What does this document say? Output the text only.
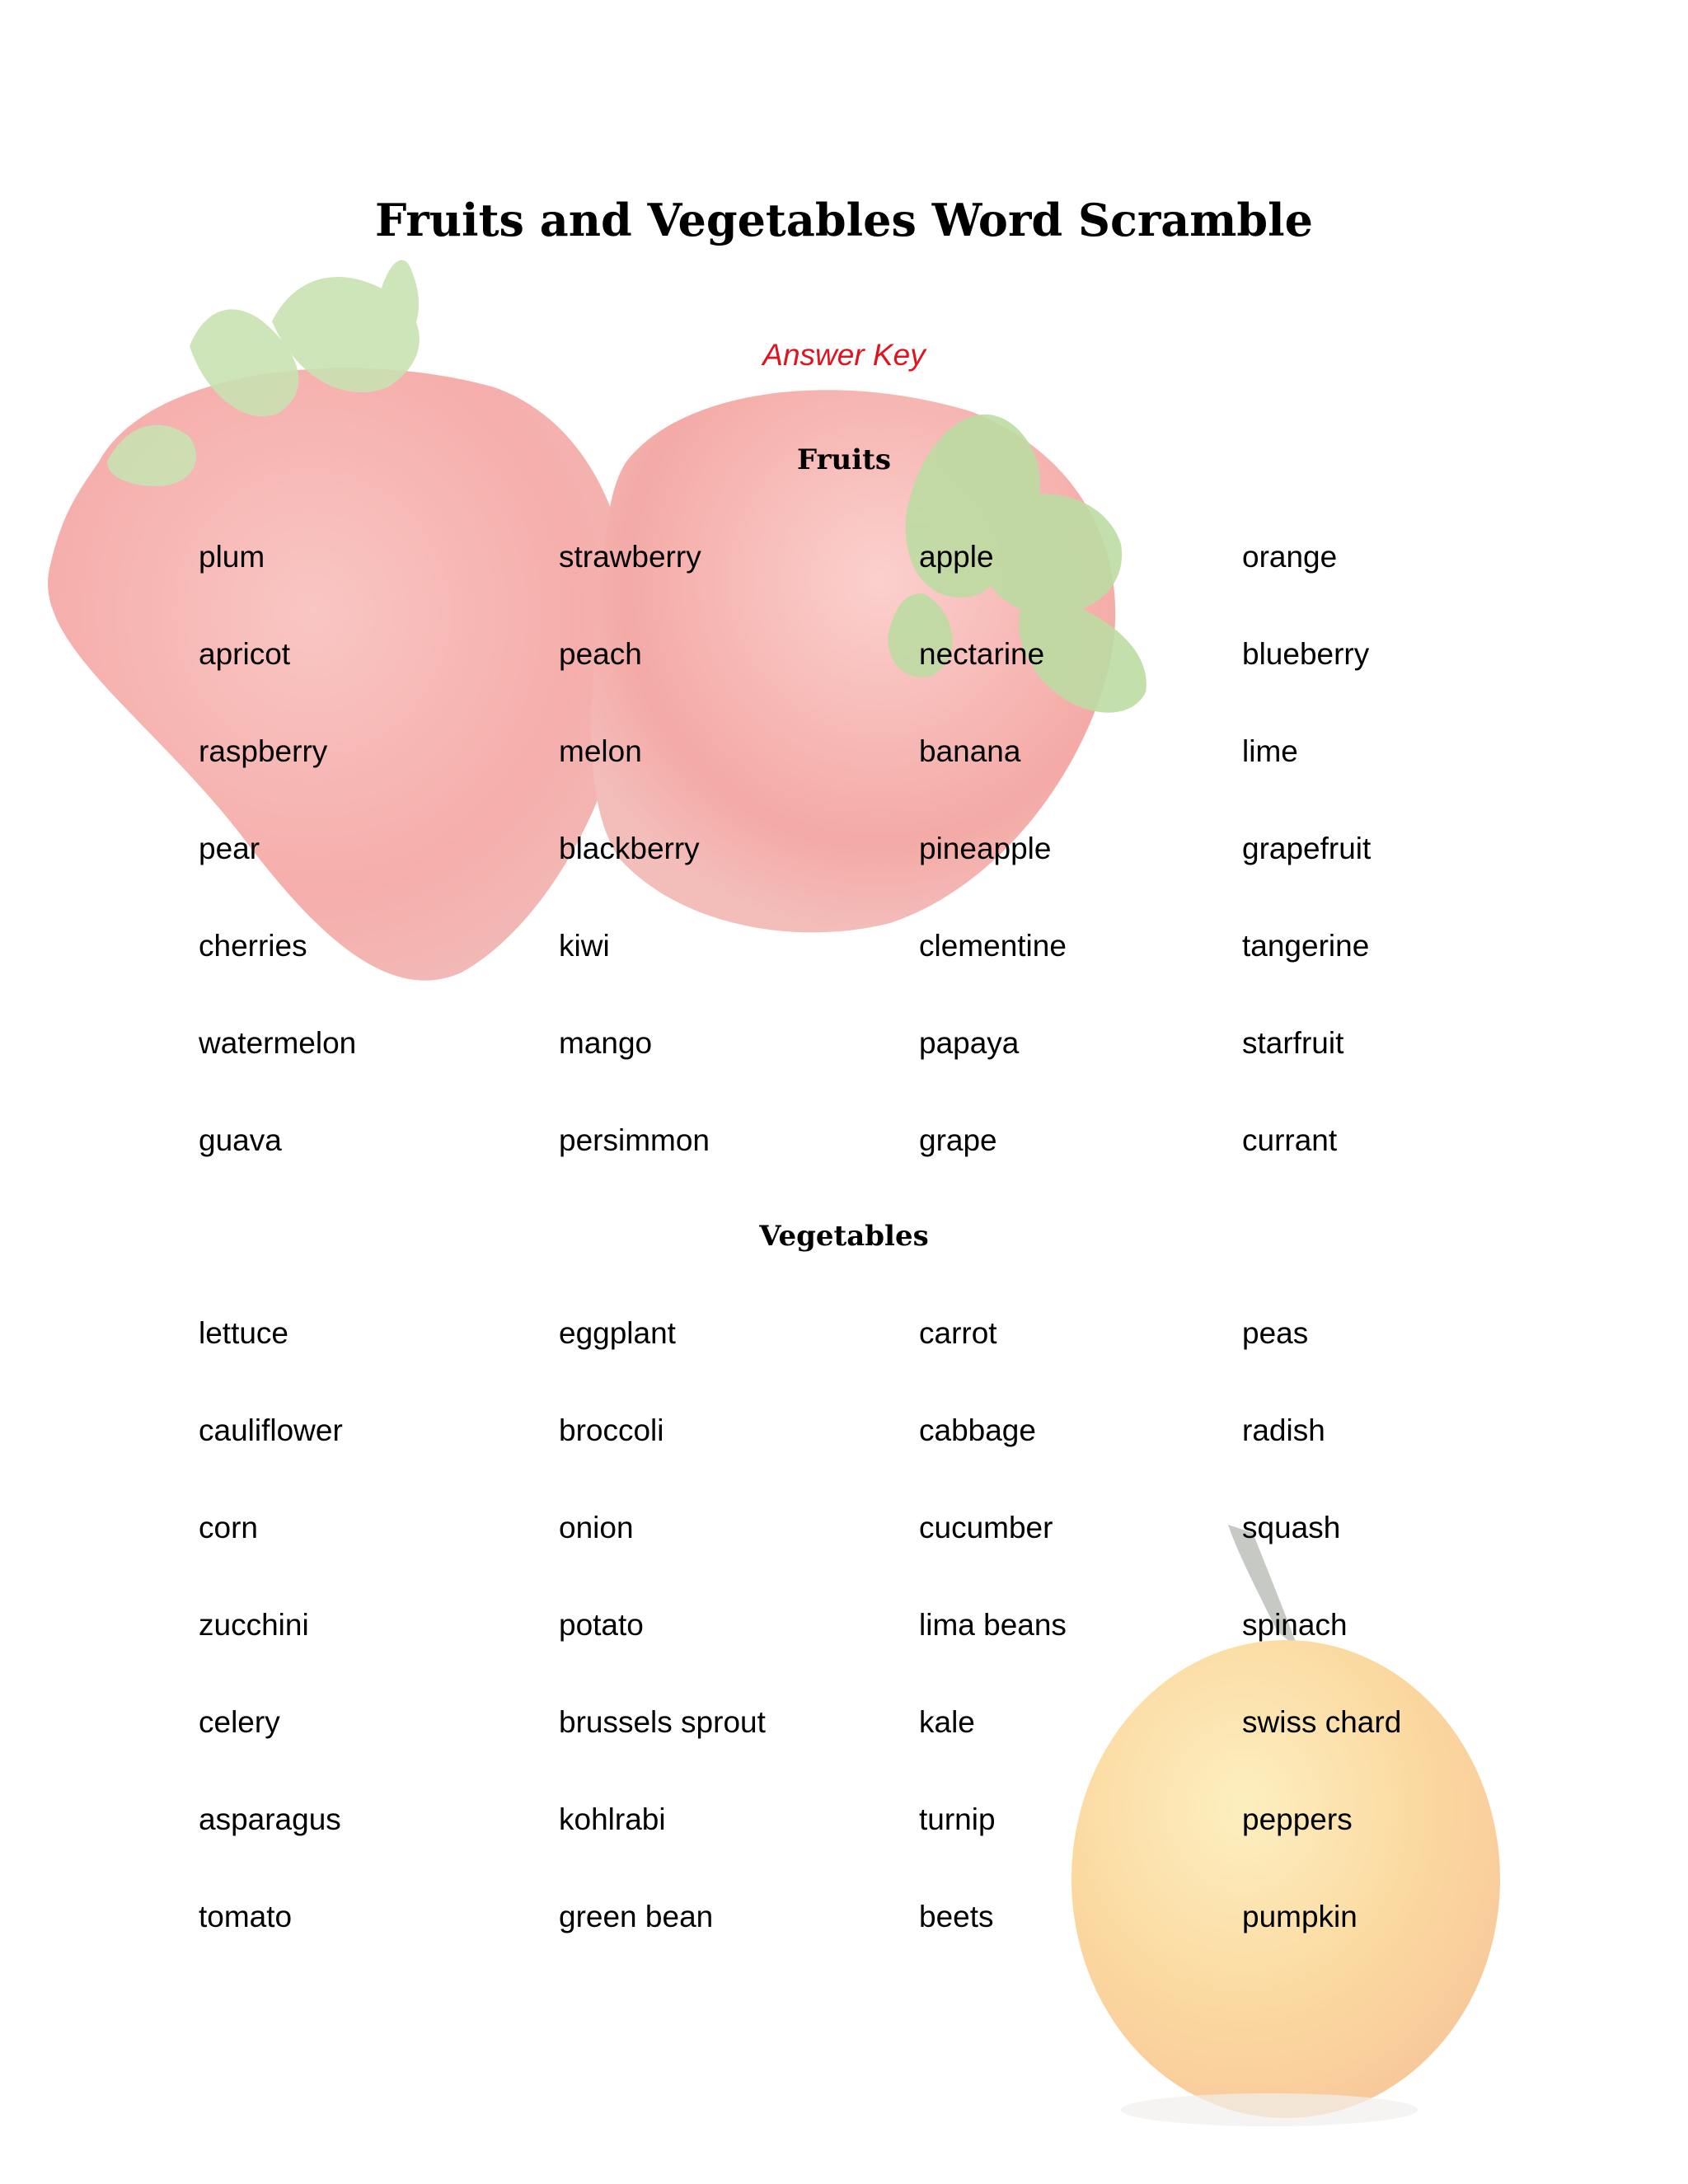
Fruits and Vegetables Word Scramble
Answer Key
Fruits
plum	strawberry	apple	orange
apricot	peach	nectarine	blueberry
raspberry	melon	banana	lime
pear	blackberry	pineapple	grapefruit
cherries	kiwi	clementine	tangerine
watermelon	mango	papaya	starfruit
guava	persimmon	grape	currant
Vegetables
lettuce	eggplant	carrot	peas
cauliflower	broccoli	cabbage	radish
corn	onion	cucumber	squash
zucchini	potato	lima beans	spinach
celery	brussels sprout	kale	swiss chard
asparagus	kohlrabi	turnip	peppers
tomato	green bean	beets	pumpkin
